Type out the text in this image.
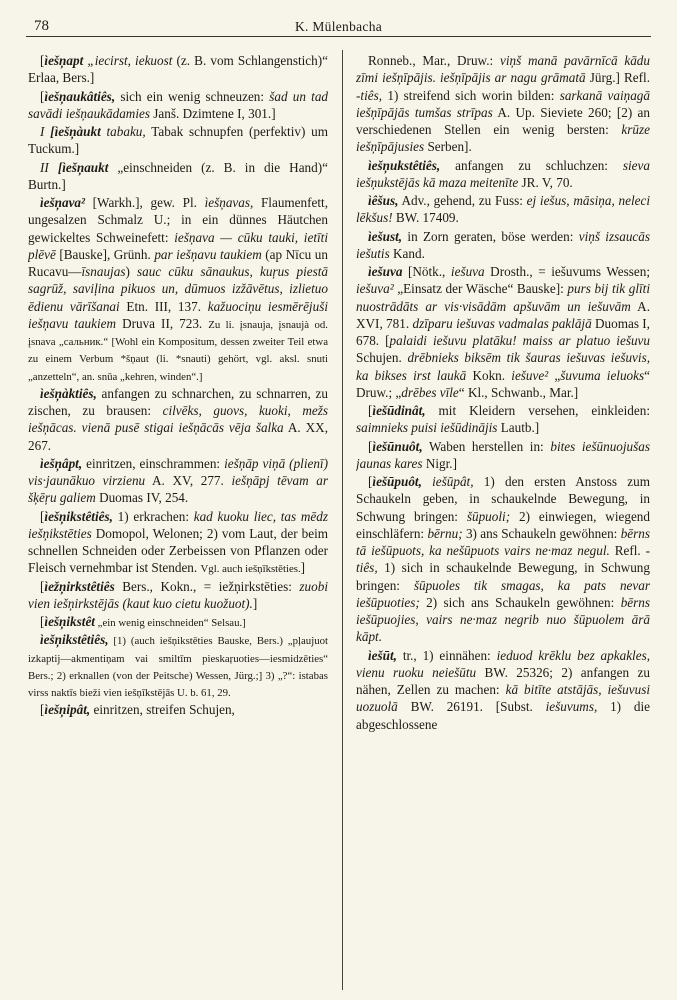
78	K. Mülenbacha

[ìešņapt „iecirst, iekuost (z. B. vom Schlangenstich)“ Erlaa, Bers.]

[ìešņaukâtiês, sich ein wenig schneuzen: šad un tad savādi iešņaukādamies Janš. Dzimtene I, 301.]

I [ìešņàukt tabaku, Tabak schnupfen (perfektiv) um Tuckum.]

II [ìešņaukt „einschneiden (z. B. in die Hand)“ Burtn.]

ìešņava² [Warkh.], gew. Pl. ìešņavas, Flaumenfett, ungesalzen Schmalz U.; in ein dünnes Häutchen gewickeltes Schweinefett: iešņava — cūku tauki, ietīti plēvē [Bauske], Grünh. par iešņavu taukiem (ap Nīcu un Rucavu—īsnaujas) sauc cūku sānaukus, kuŗus piestā sagrūž, saviļina pikuos un, dūmuos izžāvētus, izlietuo ēdienu vārīšanai Etn. III, 137. kažuociņu iesmērējuši iešņavu taukiem Druva II, 723. Zu li. įsnauja, įsnaujà od. įsnava „сальник.“ [Wohl ein Kompositum, dessen zweiter Teil etwa zu einem Verbum *šņaut (li. *snauti) gehört, vgl. aksl. snuti „anzetteln“, an. snūa „kehren, winden“.]

ìešņàktiês, anfangen zu schnarchen, zu schnarren, zu zischen, zu brausen: cilvēks, guovs, kuoki, mežs iešņācas. vienā pusē stigai iešņācās vēja šalka A. XX, 267.

ìešņâpt, einritzen, einschrammen: iešņāp viņā (plienī) vis·jaunākuo virzienu A. XV, 277. iešņāpj tēvam ar šķēŗu galiem Duomas IV, 254.

[ìešņikstêtiês, 1) erkrachen: kad kuoku liec, tas mēdz iešņikstēties Domopol, Welonen; 2) vom Laut, der beim schnellen Schneiden oder Zerbeissen von Pflanzen oder Fleisch vernehmbar ist Stenden. Vgl. auch iešņīkstēties.]

[ìežņirkstêtiês Bers., Kokn., = iežņirkstēties: zuobi vien iešņirkstējās (kaut kuo cietu kuožuot).]

[ìešņikstêt „ein wenig einschneiden“ Selsau.]

ìešņikstêtiês, [1) (auch iešņikstēties Bauske, Bers.) „pļaujuot izkaptij—akmentiņam vai smiltīm pieskaŗuoties—iesmidzēties“ Bers.; 2) erknallen (von der Peitsche) Wessen, Jürg.;] 3) „?“: istabas virss naktīs bieži vien iešņīkstējās U. b. 61, 29.

[ìešņipât, einritzen, streifen Schujen,

Ronneb., Mar., Druw.: viņš manā pavārnīcā kādu zīmi iešņīpājis. iešņīpājis ar nagu grāmatā Jürg.] Refl. -tiês, 1) streifend sich worin bilden: sarkanā vaiņagā iešņīpājās tumšas strīpas A. Up. Sieviete 260; [2) an verschiedenen Stellen ein wenig bersten: krūze iešņīpājusies Serben].

ìešņukstêtiês, anfangen zu schluchzen: sieva iešņukstējās kā maza meitenīte JR. V, 70.

ìêšus, Adv., gehend, zu Fuss: ej iešus, māsiņa, neleci lēkšus! BW. 17409.

ìešust, in Zorn geraten, böse werden: viņš izsaucās iešutis Kand.

ìešuva [Nötk., iešuva Drosth., = iešuvums Wessen; iešuva² „Einsatz der Wäsche“ Bauske]: purs bij tik glīti nuostrādāts ar vis·visādām apšuvām un iešuvām A. XVI, 781. dzīparu iešuvas vadmalas paklājā Duomas I, 678. [palaidi iešuvu platāku! maiss ar platuo iešuvu Schujen. drēbnieks biksēm tik šauras iešuvas iešuvis, ka bikses irst laukā Kokn. iešuve² „šuvuma ieluoks“ Druw.; „drēbes vīle“ Kl., Schwanb., Mar.]

[ìešūdinât, mit Kleidern versehen, einkleiden: saimnieks puisi iešūdinājis Lautb.]

[ìešūnuôt, Waben herstellen in: bites iešūnuojušas jaunas kares Nigr.]

[ìešūpuôt, iešūpât, 1) den ersten Anstoss zum Schaukeln geben, in schaukelnde Bewegung, in Schwung bringen: šūpuoli; 2) einwiegen, wiegend einschläfern: bērnu; 3) ans Schaukeln gewöhnen: bērns tā iešūpuots, ka nešūpuots vairs ne·maz negul. Refl. -tiês, 1) sich in schaukelnde Bewegung, in Schwung bringen: šūpuoles tik smagas, ka pats nevar iešūpuoties; 2) sich ans Schaukeln gewöhnen: bērns iešūpuojies, vairs ne·maz negrib nuo šūpuolem ārā kāpt.

ìešūt, tr., 1) einnähen: ieduod krēklu bez apkakles, vienu ruoku neiešūtu BW. 25326; 2) anfangen zu nähen, Zellen zu machen: kā bitīte atstājās, iešuvusi uozuolā BW. 26191. [Subst. iešuvums, 1) die abgeschlossene
